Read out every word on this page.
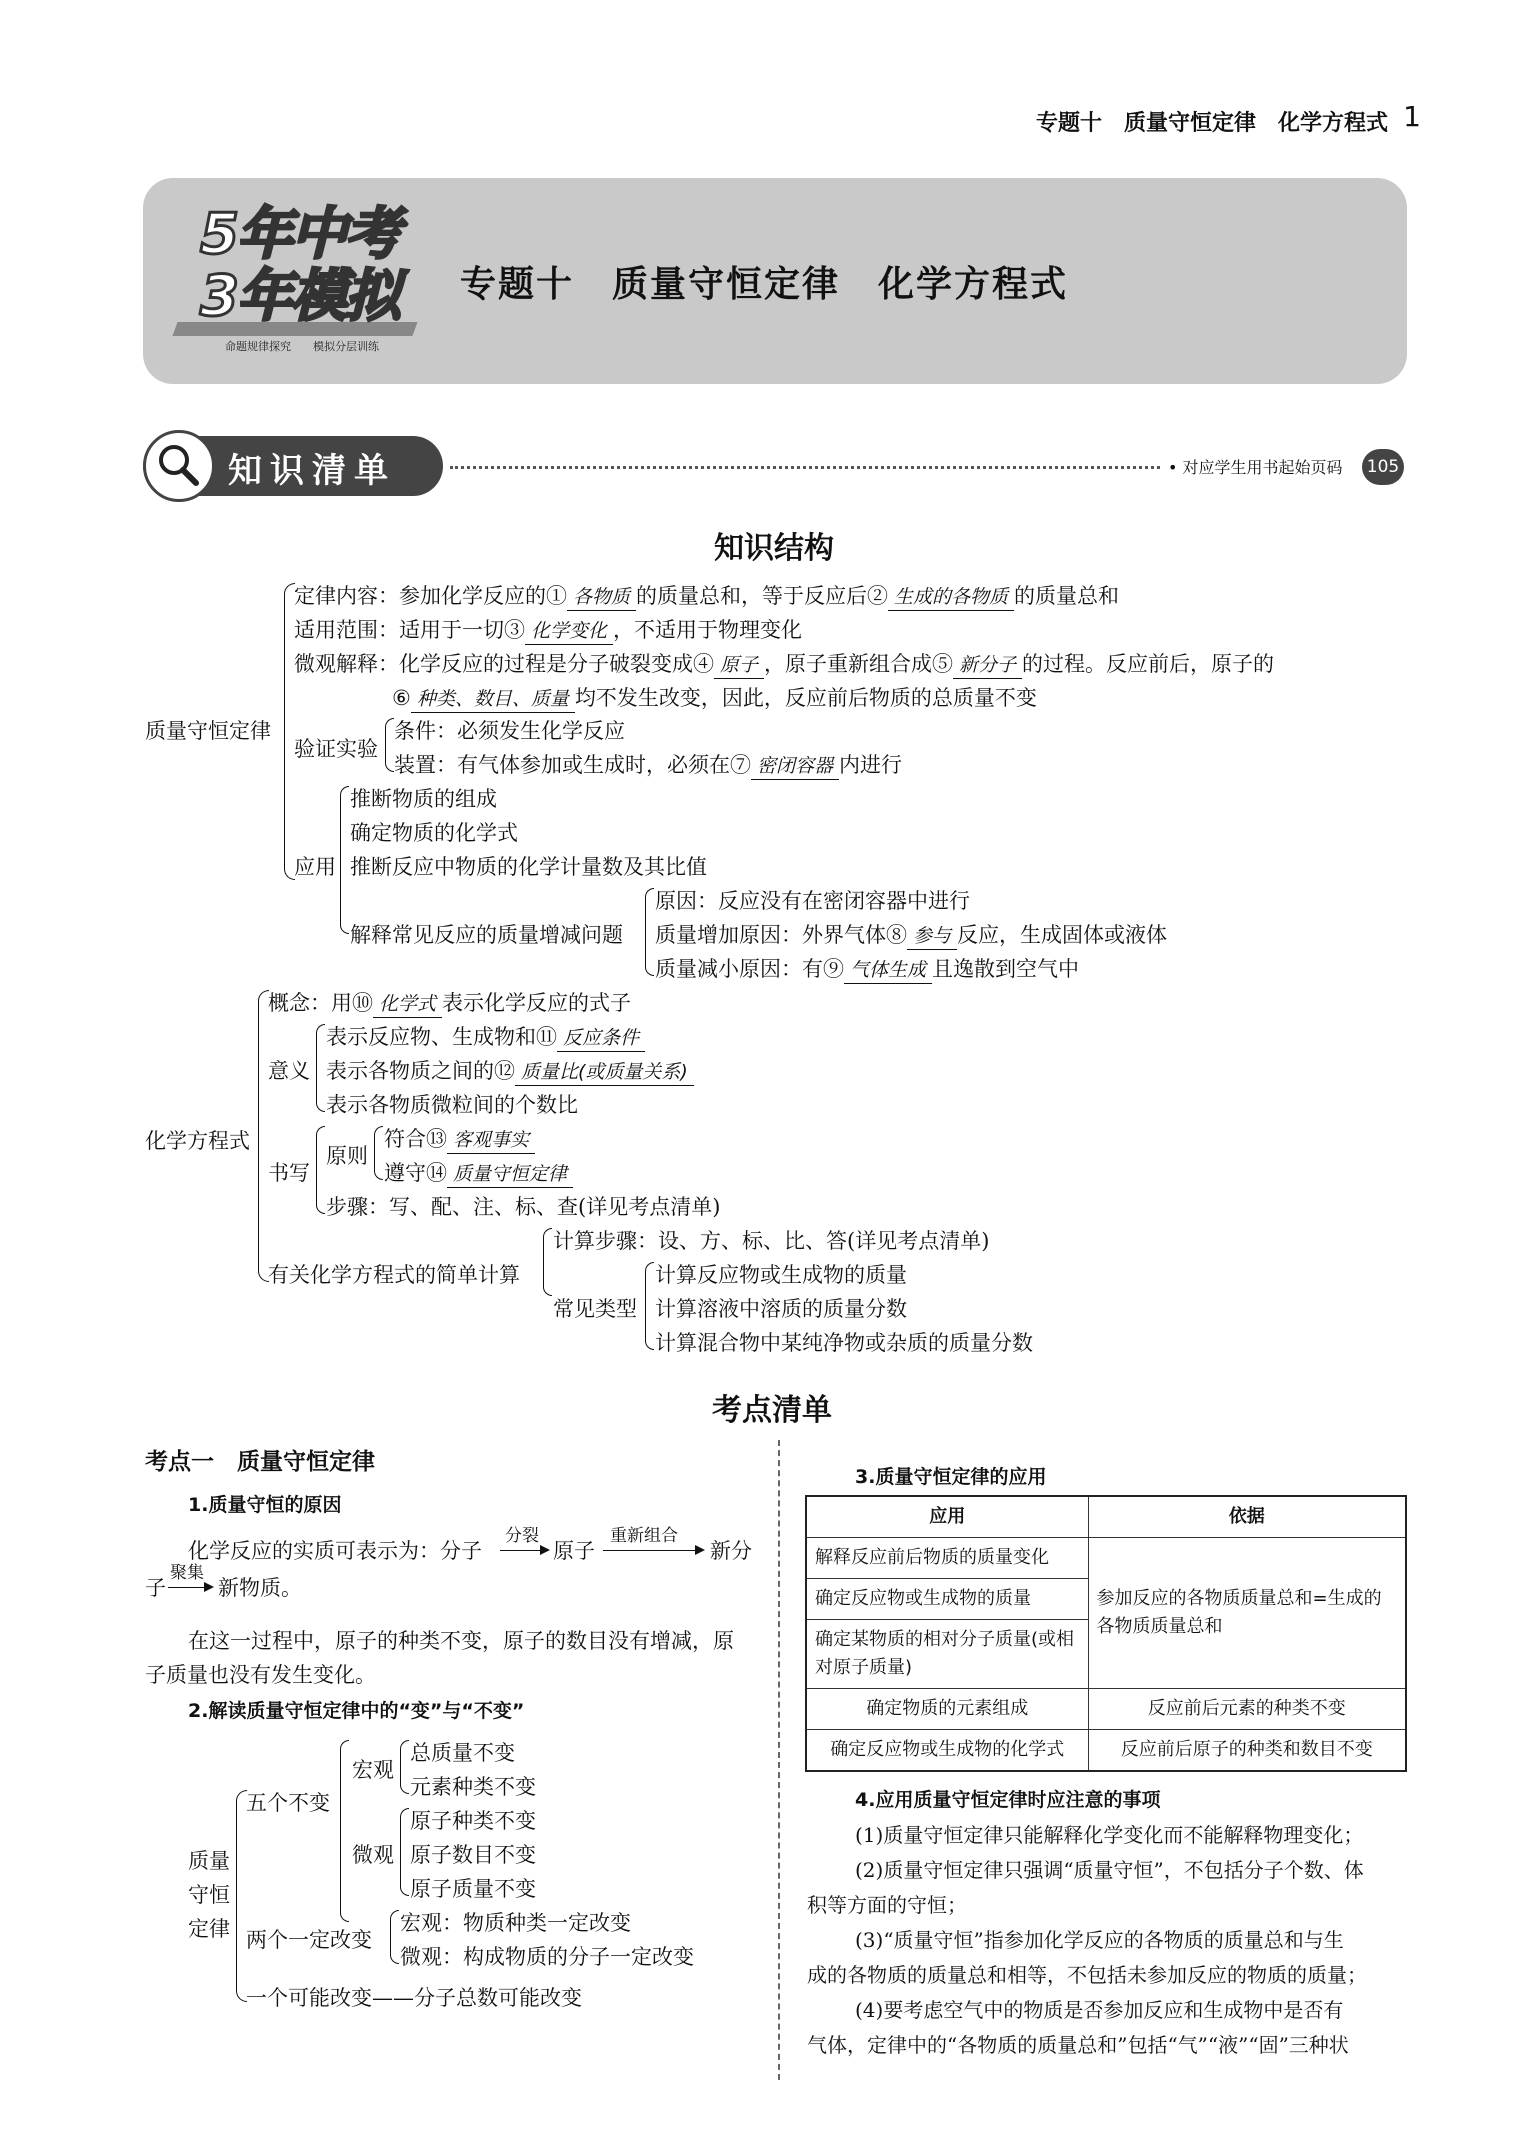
专题十　质量守恒定律　化学方程式 1
5年中考
3年模拟
命题规律探究　　模拟分层训练
专题十　质量守恒定律　化学方程式
知识清单	• 对应学生用书起始页码 105
知识结构
质量守恒定律
定律内容：参加化学反应的① 各物质 的质量总和，等于反应后② 生成的各物质 的质量总和
适用范围：适用于一切③ 化学变化 ，不适用于物理变化
微观解释：化学反应的过程是分子破裂变成④ 原子 ，原子重新组合成⑤ 新分子 的过程。反应前后，原子的
⑥ 种类、数目、质量 均不发生改变，因此，反应前后物质的总质量不变
验证实验
条件：必须发生化学反应
装置：有气体参加或生成时，必须在⑦ 密闭容器 内进行
应用
推断物质的组成
确定物质的化学式
推断反应中物质的化学计量数及其比值
解释常见反应的质量增减问题
原因：反应没有在密闭容器中进行
质量增加原因：外界气体⑧ 参与 反应，生成固体或液体
质量减小原因：有⑨ 气体生成 且逸散到空气中
化学方程式
概念：用⑩ 化学式 表示化学反应的式子
意义
表示反应物、生成物和⑪ 反应条件
表示各物质之间的⑫ 质量比(或质量关系)
表示各物质微粒间的个数比
书写
原则
符合⑬ 客观事实
遵守⑭ 质量守恒定律
步骤：写、配、注、标、查(详见考点清单)
有关化学方程式的简单计算
计算步骤：设、方、标、比、答(详见考点清单)
常见类型
计算反应物或生成物的质量
计算溶液中溶质的质量分数
计算混合物中某纯净物或杂质的质量分数
考点清单
考点一　质量守恒定律
1.质量守恒的原因
化学反应的实质可表示为：分子
分裂
原子
重新组合
新分
子
聚集
新物质。
在这一过程中，原子的种类不变，原子的数目没有增减，原
子质量也没有发生变化。
2.解读质量守恒定律中的“变”与“不变”
质量
守恒
定律
五个不变
宏观
总质量不变
元素种类不变
微观
原子种类不变
原子数目不变
原子质量不变
两个一定改变
宏观：物质种类一定改变
微观：构成物质的分子一定改变
一个可能改变——分子总数可能改变
3.质量守恒定律的应用
应用	依据
解释反应前后物质的质量变化	参加反应的各物质质量总和=生成的各物质质量总和
确定反应物或生成物的质量	
确定某物质的相对分子质量(或相对原子质量)	
确定物质的元素组成	反应前后元素的种类不变
确定反应物或生成物的化学式	反应前后原子的种类和数目不变
4.应用质量守恒定律时应注意的事项
(1)质量守恒定律只能解释化学变化而不能解释物理变化；
(2)质量守恒定律只强调“质量守恒”，不包括分子个数、体
积等方面的守恒；
(3)“质量守恒”指参加化学反应的各物质的质量总和与生
成的各物质的质量总和相等，不包括未参加反应的物质的质量；
(4)要考虑空气中的物质是否参加反应和生成物中是否有
气体，定律中的“各物质的质量总和”包括“气”“液”“固”三种状
